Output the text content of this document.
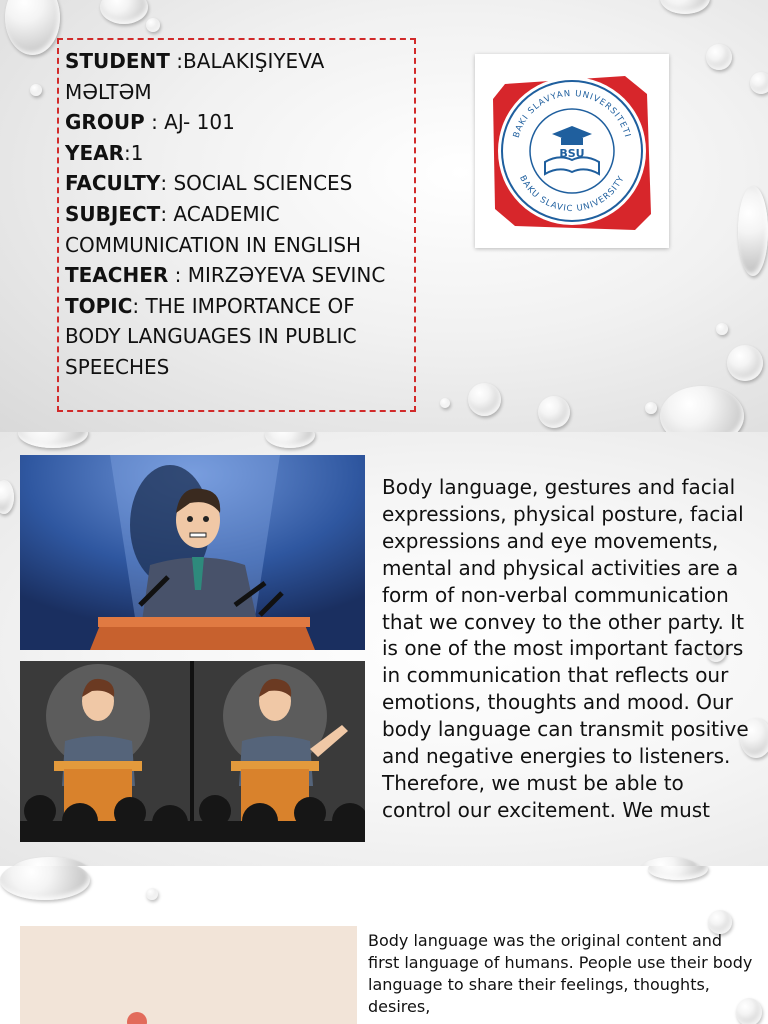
STUDENT :BALAKIŞIYEVA MƏLTƏM
GROUP : AJ- 101
YEAR:1
FACULTY: SOCIAL SCIENCES
SUBJECT: ACADEMIC COMMUNICATION IN ENGLISH
TEACHER : MIRZƏYEVA SEVINC
TOPIC: THE IMPORTANCE OF BODY LANGUAGES IN PUBLIC SPEECHES
BAKI SLAVYAN UNIVERSITETI
BAKU SLAVIC UNIVERSITY
BSU
Body language, gestures and facial expressions, physical posture, facial expressions and eye movements, mental and physical activities are a form of non-verbal communication that we convey to the other party. It is one of the most important factors in communication that reflects our emotions, thoughts and mood. Our body language can transmit positive and negative energies to listeners. Therefore, we must be able to control our excitement. We must
Body language was the original content and first language of humans. People use their body language to share their feelings, thoughts, desires,
